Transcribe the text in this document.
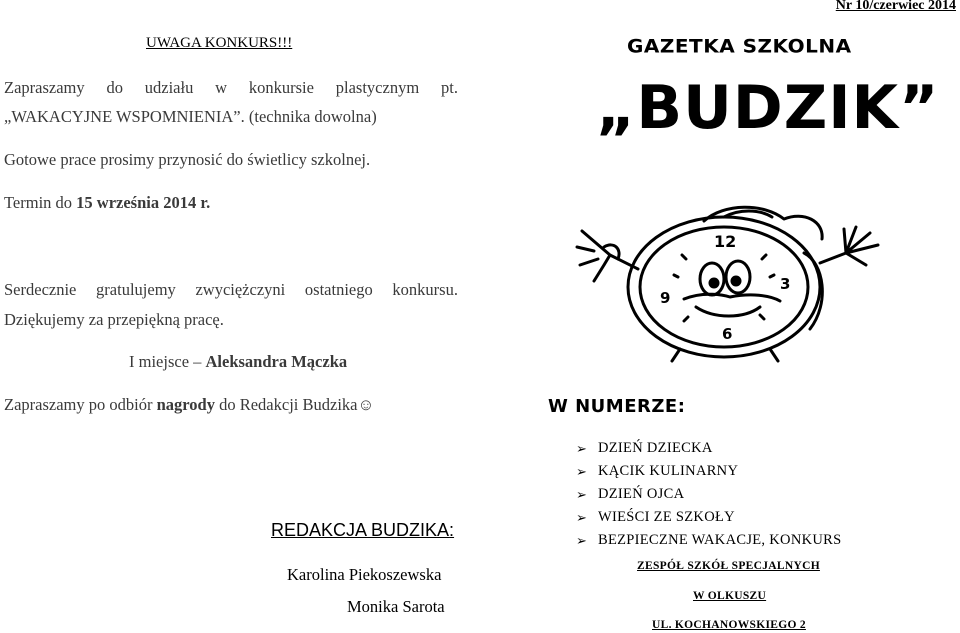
UWAGA KONKURS!!!
Zapraszamy do udziału w konkursie plastycznym pt.
„WAKACYJNE WSPOMNIENIA”. (technika dowolna)
Gotowe prace prosimy przynosić do świetlicy szkolnej.
Termin do 15 września 2014 r.
Serdecznie gratulujemy zwyciężczyni ostatniego konkursu.
Dziękujemy za przepiękną pracę.
I miejsce – Aleksandra Mączka
Zapraszamy po odbiór nagrody do Redakcji Budzika☺
REDAKCJA BUDZIKA:
Karolina Piekoszewska
Monika Sarota
Nr 10/czerwiec 2014
GAZETKA SZKOLNA
„BUDZIK”
12
3
6
9
W NUMERZE:
➢ DZIEŃ DZIECKA
➢ KĄCIK KULINARNY
➢ DZIEŃ OJCA
➢ WIEŚCI ZE SZKOŁY
➢ BEZPIECZNE WAKACJE, KONKURS
ZESPÓŁ SZKÓŁ SPECJALNYCH
W OLKUSZU
UL. KOCHANOWSKIEGO 2
